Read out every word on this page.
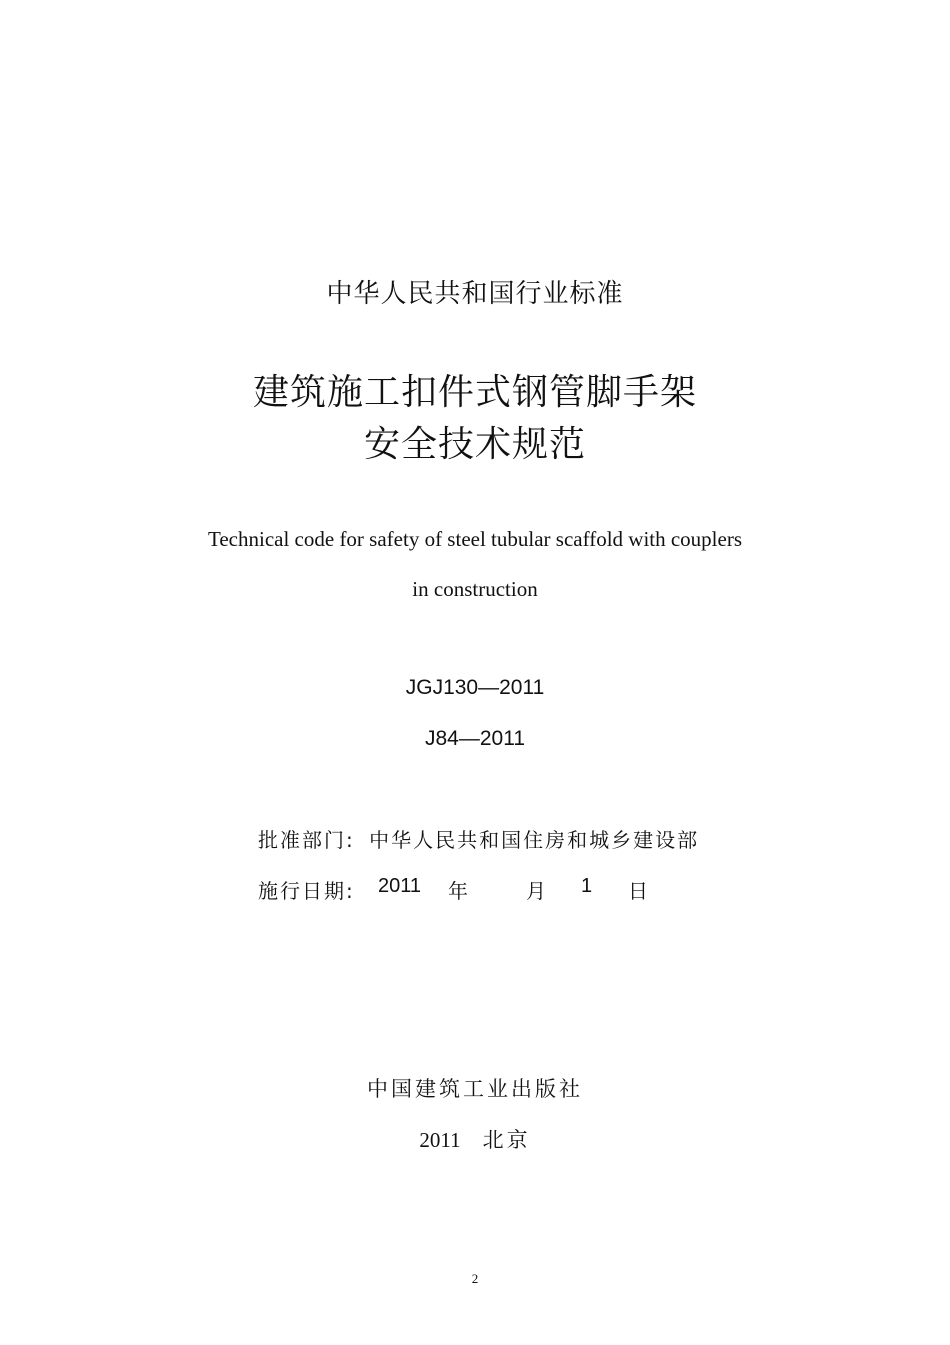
中华人民共和国行业标准
建筑施工扣件式钢管脚手架
安全技术规范
Technical code for safety of steel tubular scaffold with couplers
in construction
JGJ130—2011
J84—2011
批准部门: 中华人民共和国住房和城乡建设部
施行日期: 2011 年	月 1 日
中国建筑工业出版社
2011 北京
2
